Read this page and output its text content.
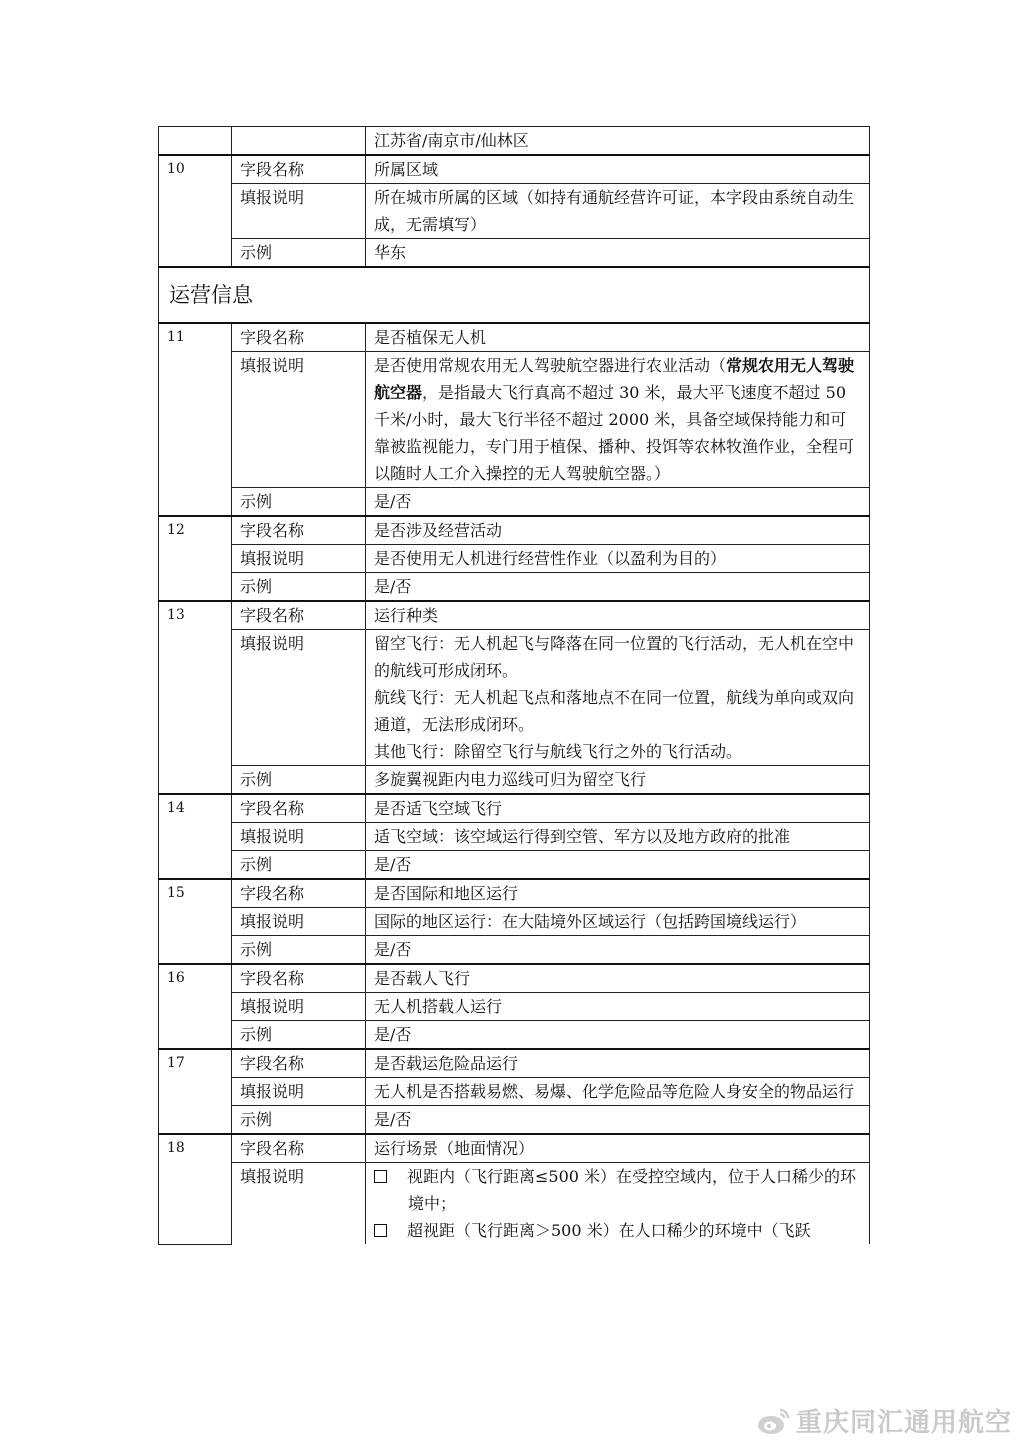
		江苏省/南京市/仙林区
10	字段名称	所属区域
	填报说明	所在城市所属的区域（如持有通航经营许可证，本字段由系统自动生成，无需填写）
	示例	华东
运营信息		
11	字段名称	是否植保无人机
	填报说明	是否使用常规农用无人驾驶航空器进行农业活动（常规农用无人驾驶航空器，是指最大飞行真高不超过 30 米，最大平飞速度不超过 50 千米/小时，最大飞行半径不超过 2000 米，具备空域保持能力和可靠被监视能力，专门用于植保、播种、投饵等农林牧渔作业，全程可以随时人工介入操控的无人驾驶航空器。）
	示例	是/否
12	字段名称	是否涉及经营活动
	填报说明	是否使用无人机进行经营性作业（以盈利为目的）
	示例	是/否
13	字段名称	运行种类
	填报说明	留空飞行：无人机起飞与降落在同一位置的飞行活动，无人机在空中的航线可形成闭环。
航线飞行：无人机起飞点和落地点不在同一位置，航线为单向或双向通道，无法形成闭环。
其他飞行：除留空飞行与航线飞行之外的飞行活动。

	示例	多旋翼视距内电力巡线可归为留空飞行
14	字段名称	是否适飞空域飞行
	填报说明	适飞空域：该空域运行得到空管、军方以及地方政府的批准
	示例	是/否
15	字段名称	是否国际和地区运行
	填报说明	国际的地区运行：在大陆境外区域运行（包括跨国境线运行）
	示例	是/否
16	字段名称	是否载人飞行
	填报说明	无人机搭载人运行
	示例	是/否
17	字段名称	是否载运危险品运行
	填报说明	无人机是否搭载易燃、易爆、化学危险品等危险人身安全的物品运行
	示例	是/否
18	字段名称	运行场景（地面情况）
	填报说明	视距内（飞行距离≤500 米）在受控空域内，位于人口稀少的环境中；
超视距（飞行距离＞500 米）在人口稀少的环境中（飞跃
重庆同汇通用航空
